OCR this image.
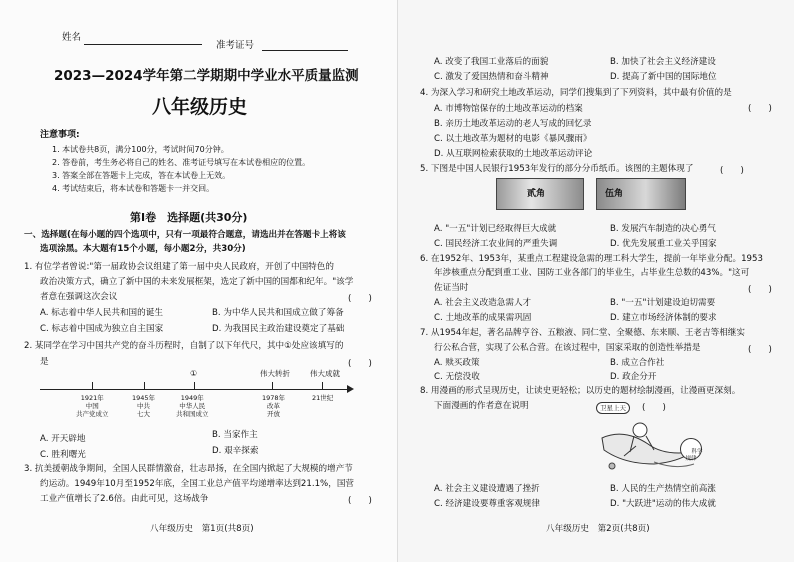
姓名
准考证号
2023—2024学年第二学期期中学业水平质量监测
八年级历史
注意事项:
1. 本试卷共8页，满分100分，考试时间70分钟。
2. 答卷前，考生务必将自己的姓名、准考证号填写在本试卷相应的位置。
3. 答案全部在答题卡上完成，答在本试卷上无效。
4. 考试结束后，将本试卷和答题卡一并交回。
第Ⅰ卷　选择题(共30分)
一、选择题(在每小题的四个选项中，只有一项最符合题意，请选出并在答题卡上将该
选项涂黑。本大题有15个小题，每小题2分，共30分)
1. 有位学者曾说:"第一届政协会议组建了第一届中央人民政府，开创了中国特色的
政治决策方式，确立了新中国的未来发展框架，选定了新中国的国都和纪年。"该学
者意在强调这次会议	(　　)
A. 标志着中华人民共和国的诞生	B. 为中华人民共和国成立做了筹备
C. 标志着中国成为独立自主国家	D. 为我国民主政治建设奠定了基础
2. 某同学在学习中国共产党的奋斗历程时，自制了以下年代尺，其中①处应该填写的
是	(　　)
①	伟大转折	伟大成就
1921年
中国
共产党成立
1945年
中共
七大
1949年
中华人民
共和国成立
1978年
改革
开放
21世纪
A. 开天辟地	B. 当家作主
C. 胜利曙光	D. 艰辛探索
3. 抗美援朝战争期间，全国人民群情激奋，壮志昂扬，在全国内掀起了大规模的增产节
约运动。1949年10月至1952年底，全国工业总产值平均递增率达到21.1%，国营
工业产值增长了2.6倍。由此可见，这场战争	(　　)
八年级历史　第1页(共8页)
A. 改变了我国工业落后的面貌	B. 加快了社会主义经济建设
C. 激发了爱国热情和奋斗精神	D. 提高了新中国的国际地位
4. 为深入学习和研究土地改革运动，同学们搜集到了下列资料，其中最有价值的是
(　　)
A. 市博物馆保存的土地改革运动的档案
B. 亲历土地改革运动的老人写成的回忆录
C. 以土地改革为题材的电影《暴风骤雨》
D. 从互联网检索获取的土地改革运动评论
5. 下图是中国人民银行1953年发行的部分分币纸币。该图的主题体现了	(　　)
贰角	伍角
A. "一五"计划已经取得巨大成就	B. 发展汽车制造的决心勇气
C. 国民经济工农业间的严重失调	D. 优先发展重工业关乎国家
6. 在1952年、1953年，某重点工程建设急需的理工科大学生，提前一年毕业分配。1953
年涉核重点分配到重工业、国防工业各部门的毕业生，占毕业生总数的43%。"这可
佐证当时	(　　)
A. 社会主义改造急需人才	B. "一五"计划建设迫切需要
C. 土地改革的成果需巩固	D. 建立市场经济体制的要求
7. 从1954年起，著名品牌亨谷、五粮液、同仁堂、全聚德、东来顺、王老吉等相继实
行公私合营，实现了公私合营。在该过程中，国家采取的创造性举措是	(　　)
A. 赎买政策	B. 成立合作社
C. 无偿没收	D. 政企分开
8. 用漫画的形式呈现历史，让读史更轻松；以历史的题材绘制漫画，让漫画更深刻。
下面漫画的作者意在说明	(　　)
卫星上天

科学
规律

A. 社会主义建设遭遇了挫折	B. 人民的生产热情空前高涨
C. 经济建设要尊重客观规律	D. "大跃进"运动的伟大成就
八年级历史　第2页(共8页)
